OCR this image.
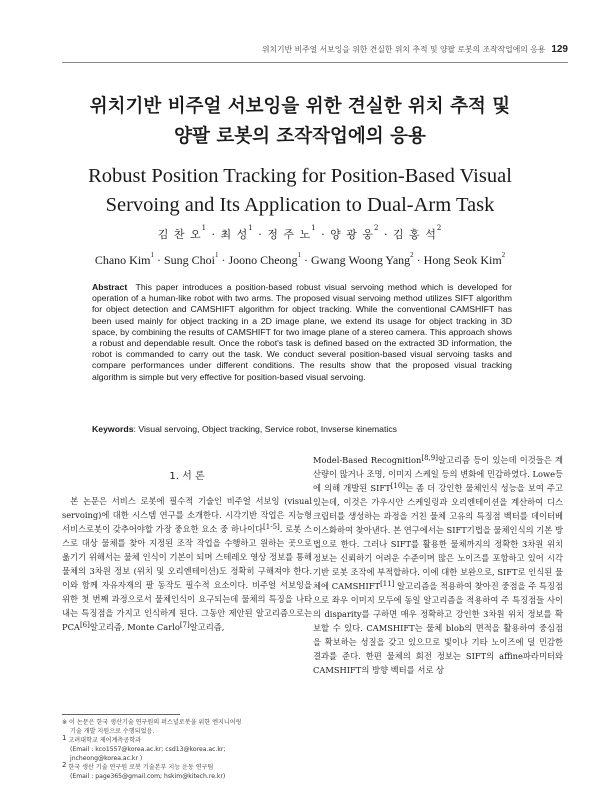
위치기반 비주얼 서보잉을 위한 견실한 위치 추적 및 양팔 로봇의 조작작업에의 응용 129
위치기반 비주얼 서보잉을 위한 견실한 위치 추적 및
양팔 로봇의 조작작업에의 응용
Robust Position Tracking for Position-Based Visual
Servoing and Its Application to Dual-Arm Task
김 찬 오$^1$ · 최 성$^1$ · 정 주 노$^1$ · 양 광 웅$^2$ · 김 홍 석$^2$
Chano Kim$^1$ · Sung Choi$^1$ · Joono Cheong$^1$ · Gwang Woong Yang$^2$ · Hong Seok Kim$^2$
Abstract This paper introduces a position-based robust visual servoing method which is developed for operation of a human-like robot with two arms. The proposed visual servoing method utilizes SIFT algorithm for object detection and CAMSHIFT algorithm for object tracking. While the conventional CAMSHIFT has been used mainly for object tracking in a 2D image plane, we extend its usage for object tracking in 3D space, by combining the results of CAMSHIFT for two image plane of a stereo camera. This approach shows a robust and dependable result. Once the robot's task is defined based on the extracted 3D information, the robot is commanded to carry out the task. We conduct several position-based visual servoing tasks and compare performances under different conditions. The results show that the proposed visual tracking algorithm is simple but very effective for position-based visual servoing.
Keywords: Visual servoing, Object tracking, Service robot, Invserse kinematics
1. 서 론
본 논문은 서비스 로봇에 필수적 기술인 비주얼 서보잉 (visual servoing)에 대한 시스템 연구를 소개한다. 시각기반 작업은 지능형 서비스로봇이 갖추어야할 가장 중요한 요소 중 하나이다[1-5]. 로봇 스스로 대상 물체를 찾아 지정된 조작 작업을 수행하고 원하는 곳으로 옮기기 위해서는 물체 인식이 기본이 되며 스테레오 영상 정보를 통해 물체의 3차원 정보 (위치 및 오리엔테이션)도 정확히 구해져야 한다. 이와 함께 자유자재의 팔 동작도 필수적 요소이다. 비주얼 서보잉을 위한 첫 번째 과정으로서 물체인식이 요구되는데 물체의 특징을 나타내는 특징점을 가지고 인식하게 된다. 그동안 제안된 알고리즘으로는 PCA[6]알고리즘, Monte Carlo[7]알고리즘,
Model-Based Recognition[8,9]알고리즘 등이 있는데 이것들은 계산량이 많거나 조명, 이미지 스케일 등의 변화에 민감하였다. Lowe등에 의해 개발된 SIFT[10]는 좀 더 강인한 물체인식 성능을 보여 주고 있는데, 이것은 가우시안 스케일링과 오리엔테이션을 계산하여 디스크립터를 생성하는 과정을 거친 물체 고유의 특징점 벡터를 데이터베이스화하여 찾아낸다. 본 연구에서는 SIFT기법을 물체인식의 기본 방법으로 한다. 그러나 SIFT를 활용한 물체까지의 정확한 3차원 위치 정보는 신뢰하기 어려운 수준이며 많은 노이즈를 포함하고 있어 시각기반 로봇 조작에 부적합하다. 이에 대한 보완으로, SIFT로 인식된 물체에 CAMSHIFT[11] 알고리즘을 적용하여 찾아진 중점을 주 특징점으로 좌우 이미지 모두에 동일 알고리즘을 적용하여 주 특징점들 사이의 disparity를 구하면 매우 정확하고 강인한 3차원 위치 정보를 확보할 수 있다. CAMSHIFT는 물체 blob의 면적을 활용하여 중심점을 확보하는 성질을 갖고 있으므로 빛이나 기타 노이즈에 덜 민감한 결과를 준다. 한편 물체의 회전 정보는 SIFT의 affine파라미터와 CAMSHIFT의 방향 벡터를 서로 상
※ 이 논문은 한국 생산기술 연구원의 퍼스널로봇을 위한 엔지니어링
기술 개발 지원으로 수행되었음.
$^1$ 고려대학교 제어계측공학과
(Email : kco1557@korea.ac.kr; csd13@korea.ac.kr;
jncheong@korea.ac.kr )
$^2$ 한국 생산 기술 연구원 로봇 기술본부 지능 운동 연구팀
(Email : page365@gmail.com; hskim@kitech.re.kr)
